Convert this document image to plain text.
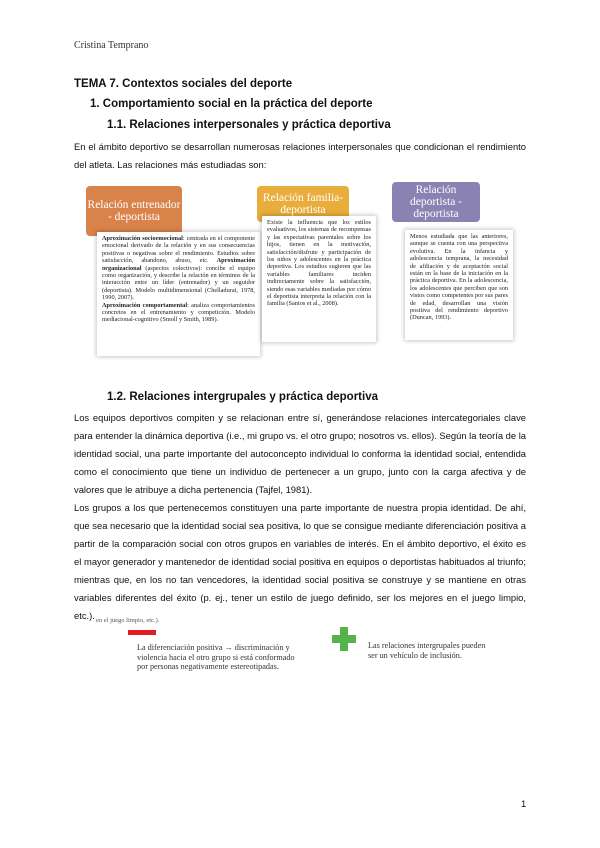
Cristina Temprano
TEMA 7. Contextos sociales del deporte
1. Comportamiento social en la práctica del deporte
1.1. Relaciones interpersonales y práctica deportiva

En el ámbito deportivo se desarrollan numerosas relaciones interpersonales que condicionan el rendimiento del atleta. Las relaciones más estudiadas son:

Relación entrenador - deportista
Relación familia-deportista
Relación deportista - deportista
Aproximación socioemocional: centrada en el componente emocional derivado de la relación y en sus consecuencias positivas o negativas sobre el rendimiento. Estudios sobre satisfacción, abandono, abuso, etc. Aproximación organizacional (aspectos colectivos): concibe el equipo como organización, y describe la relación en términos de la interacción entre un líder (entrenador) y un seguidor (deportista). Modelo multidimensional (Chelladurai, 1978, 1990, 2007).
Aproximación comportamental: analiza comportamientos concretos en el entrenamiento y competición. Modelo mediacional-cognitivo (Smoll y Smith, 1989).
Existe la influencia que los estilos evaluativos, los sistemas de recompensas y las expectativas parentales sobre los hijos, tienen en la motivación, satisfacción/disfrute y participación de los niños y adolescentes en la práctica deportiva. Los estudios sugieren que las variables familiares inciden indirectamente sobre la satisfacción, siendo esas variables mediadas por cómo el deportista interpreta la relación con la familia (Santos et al., 2008).
Menos estudiada que las anteriores, aunque se cuenta con una perspectiva evolutiva. En la infancia y adolescencia temprana, la necesidad de afiliación y de aceptación social están en la base de la iniciación en la práctica deportiva. En la adolescencia, los adolescentes que perciben que son vistos como competentes por sus pares de edad, desarrollan una visión positiva del rendimiento deportivo (Duncan, 1993).
1.2. Relaciones intergrupales y práctica deportiva

Los equipos deportivos compiten y se relacionan entre sí, generándose relaciones intercategoriales clave para entender la dinámica deportiva (i.e., mi grupo vs. el otro grupo; nosotros vs. ellos). Según la teoría de la identidad social, una parte importante del autoconcepto individual lo conforma la identidad social, entendida como el conocimiento que tiene un individuo de pertenecer a un grupo, junto con la carga afectiva y de valores que le atribuye a dicha pertenencia (Tajfel, 1981).

Los grupos a los que pertenecemos constituyen una parte importante de nuestra propia identidad. De ahí, que sea necesario que la identidad social sea positiva, lo que se consigue mediante diferenciación positiva a partir de la comparación social con otros grupos en variables de interés. En el ámbito deportivo, el éxito es el mayor generador y mantenedor de identidad social positiva en equipos o deportistas habituados al triunfo; mientras que, en los no tan vencedores, la identidad social positiva se construye y se mantiene en otras variables diferentes del éxito (p. ej., tener un estilo de juego definido, ser los mejores en el juego limpio, etc.). en el juego limpio, etc.).
La diferenciación positiva → discriminación y violencia hacia el otro grupo si está conformado por personas negativamente estereotipadas.
Las relaciones intergrupales pueden ser un vehículo de inclusión.
1
